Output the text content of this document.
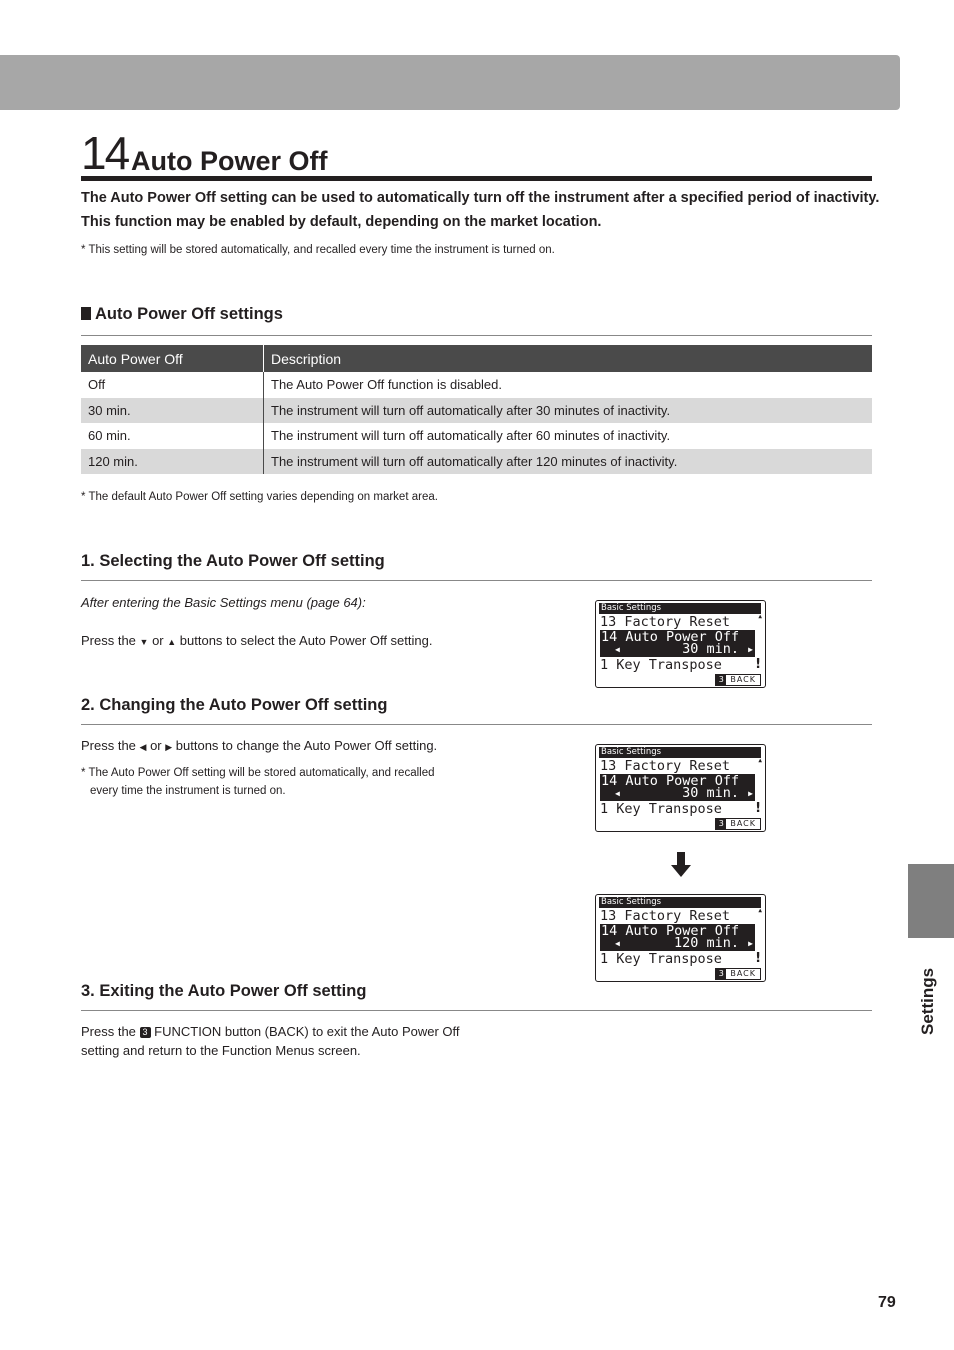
14 Auto Power Off
The Auto Power Off setting can be used to automatically turn off the instrument after a specified period of inactivity.
This function may be enabled by default, depending on the market location.
* This setting will be stored automatically, and recalled every time the instrument is turned on.
Auto Power Off settings
Auto Power Off	Description
Off	The Auto Power Off function is disabled.
30 min.	The instrument will turn off automatically after 30 minutes of inactivity.
60 min.	The instrument will turn off automatically after 60 minutes of inactivity.
120 min.	The instrument will turn off automatically after 120 minutes of inactivity.
* The default Auto Power Off setting varies depending on market area.
1. Selecting the Auto Power Off setting
After entering the Basic Settings menu (page 64):
Press the ▼ or ▲ buttons to select the Auto Power Off setting.
2. Changing the Auto Power Off setting
Press the ◀ or ▶ buttons to change the Auto Power Off setting.
* The Auto Power Off setting will be stored automatically, and recalled
every time the instrument is turned on.
3. Exiting the Auto Power Off setting
Press the 3 FUNCTION button (BACK) to exit the Auto Power Off
setting and return to the Function Menus screen.
Basic Settings
▲
13 Factory Reset
14 Auto Power Off
◀	30 min. ▶
1 Key Transpose	!
3 BACK
Basic Settings
▲
13 Factory Reset
14 Auto Power Off
◀	30 min. ▶
1 Key Transpose	!
3 BACK
Basic Settings
▲
13 Factory Reset
14 Auto Power Off
◀	120 min. ▶
1 Key Transpose	!
3 BACK	Settings
79
